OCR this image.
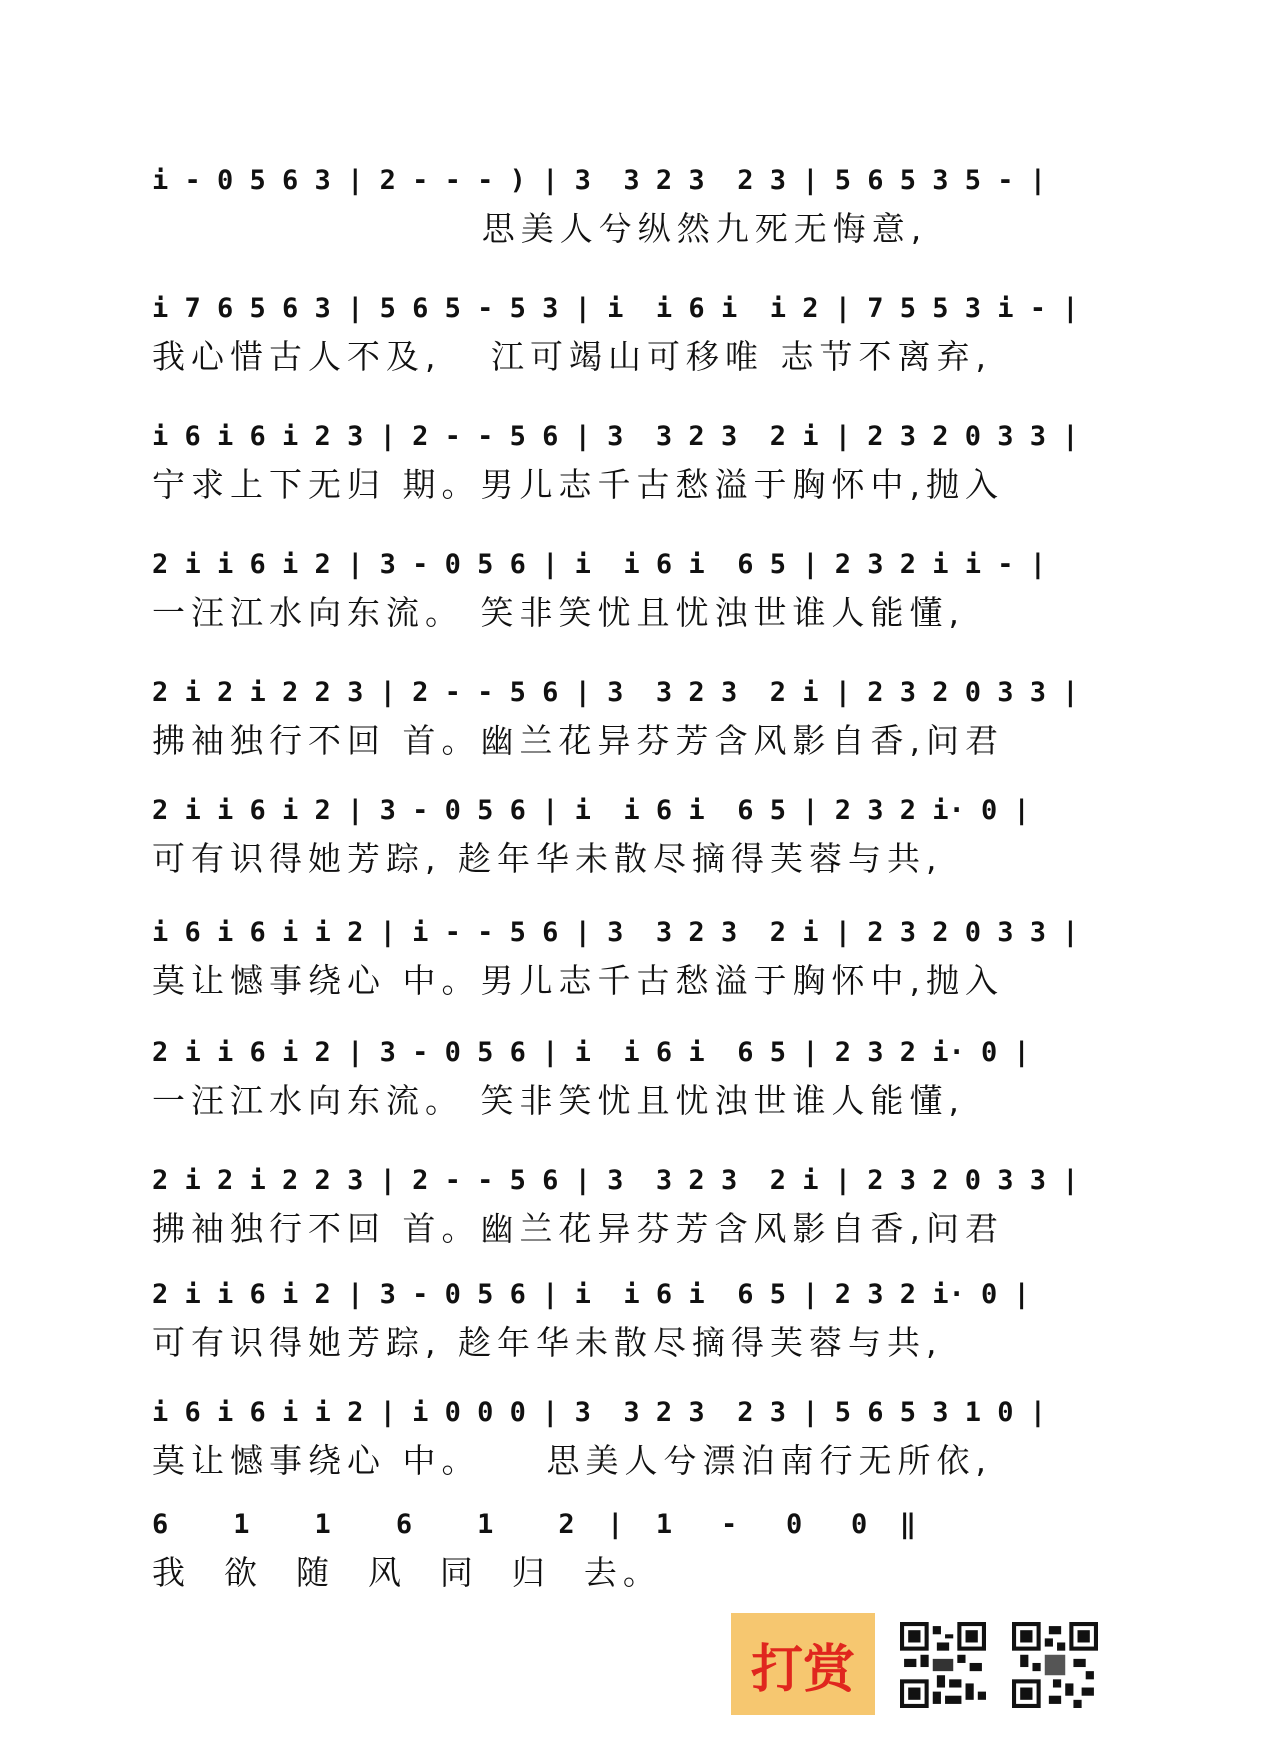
i - 0 5 6 3 | 2 - - - ) | 3  3 2 3  2 3 | 5 6 5 3 5 - |
思美人兮纵然九死无悔意,
i 7 6 5 6 3 | 5 6 5 - 5 3 | i  i 6 i  i 2 | 7 5 5 3 i - |
我心惜古人不及,   江可竭山可移唯 志节不离弃,
i 6 i 6 i 2 3 | 2 - - 5 6 | 3  3 2 3  2 i | 2 3 2 0 3 3 |
宁求上下无归 期。男儿志千古愁溢于胸怀中,抛入
2 i i 6 i 2 | 3 - 0 5 6 | i  i 6 i  6 5 | 2 3 2 i i - |
一汪江水向东流。 笑非笑忧且忧浊世谁人能懂,
2 i 2 i 2 2 3 | 2 - - 5 6 | 3  3 2 3  2 i | 2 3 2 0 3 3 |
拂袖独行不回 首。幽兰花异芬芳含风影自香,问君
2 i i 6 i 2 | 3 - 0 5 6 | i  i 6 i  6 5 | 2 3 2 i· 0 |
可有识得她芳踪, 趁年华未散尽摘得芙蓉与共,
i 6 i 6 i i 2 | i - - 5 6 | 3  3 2 3  2 i | 2 3 2 0 3 3 |
莫让憾事绕心 中。男儿志千古愁溢于胸怀中,抛入
2 i i 6 i 2 | 3 - 0 5 6 | i  i 6 i  6 5 | 2 3 2 i· 0 |
一汪江水向东流。 笑非笑忧且忧浊世谁人能懂,
2 i 2 i 2 2 3 | 2 - - 5 6 | 3  3 2 3  2 i | 2 3 2 0 3 3 |
拂袖独行不回 首。幽兰花异芬芳含风影自香,问君
2 i i 6 i 2 | 3 - 0 5 6 | i  i 6 i  6 5 | 2 3 2 i· 0 |
可有识得她芳踪, 趁年华未散尽摘得芙蓉与共,
i 6 i 6 i i 2 | i 0 0 0 | 3  3 2 3  2 3 | 5 6 5 3 1 0 |
莫让憾事绕心 中。    思美人兮漂泊南行无所依,
6    1    1    6    1    2  |  1   -   0   0  ‖
我  欲  随  风  同  归  去。
打赏
